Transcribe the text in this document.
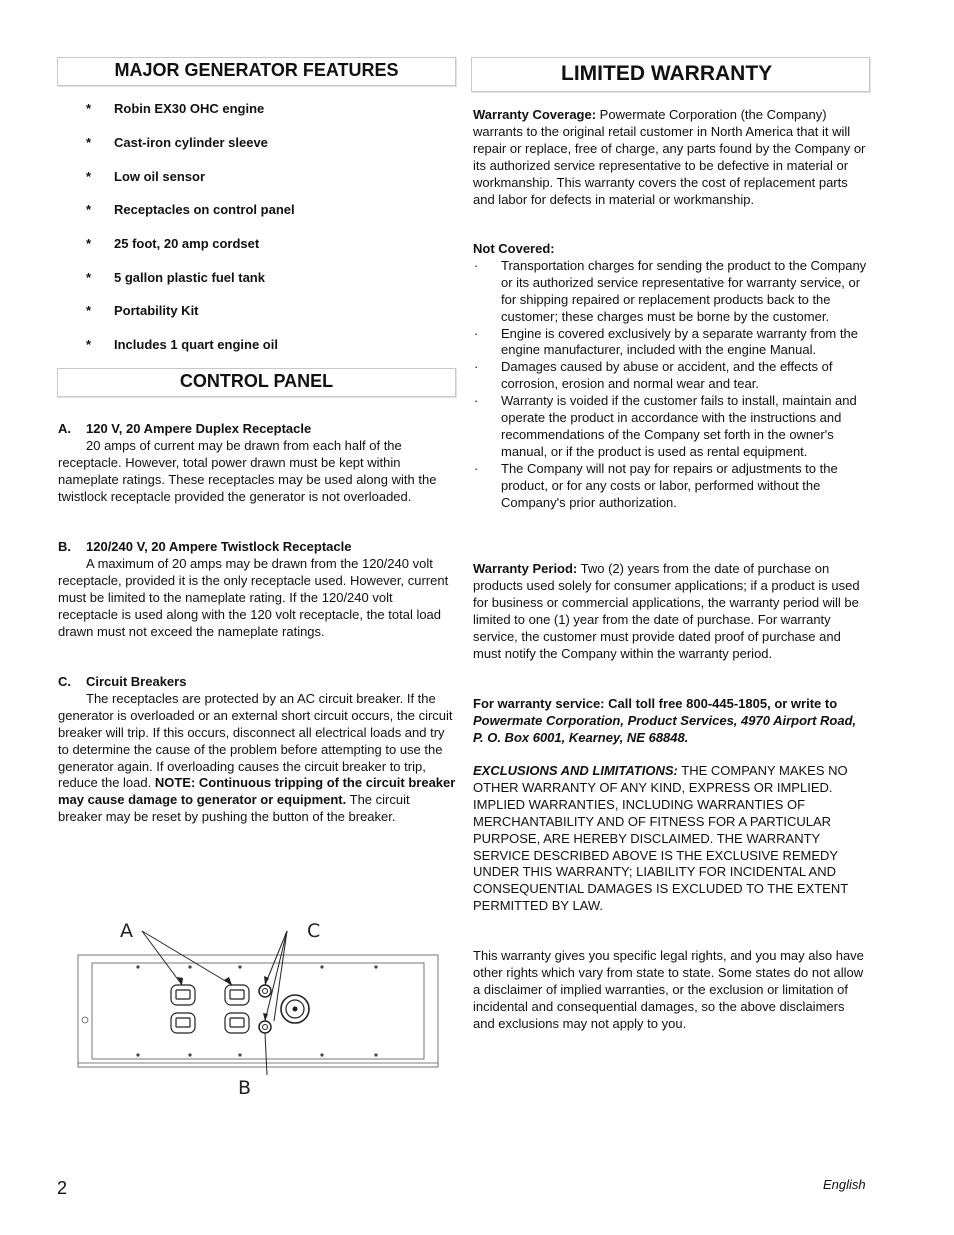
MAJOR GENERATOR FEATURES
* Robin EX30 OHC engine
* Cast-iron cylinder sleeve
* Low oil sensor
* Receptacles on control panel
* 25 foot, 20 amp cordset
* 5 gallon plastic fuel tank
* Portability Kit
* Includes 1 quart engine oil
CONTROL PANEL
A. 120 V, 20 Ampere Duplex Receptacle

20 amps of current may be drawn from each half of the receptacle. However, total power drawn must be kept within nameplate ratings. These receptacles may be used along with the twistlock receptacle provided the generator is not overloaded.

B. 120/240 V, 20 Ampere Twistlock Receptacle

A maximum of 20 amps may be drawn from the 120/240 volt receptacle, provided it is the only receptacle used. However, current must be limited to the nameplate rating. If the 120/240 volt receptacle is used along with the 120 volt receptacle, the total load drawn must not exceed the nameplate ratings.

C. Circuit Breakers

The receptacles are protected by an AC circuit breaker. If the generator is overloaded or an external short circuit occurs, the circuit breaker will trip. If this occurs, disconnect all electrical loads and try to determine the cause of the problem before attempting to use the generator again. If overloading causes the circuit breaker to trip, reduce the load. NOTE: Continuous tripping of the circuit breaker may cause damage to generator or equipment. The circuit breaker may be reset by pushing the button of the breaker.

A	C
B
LIMITED WARRANTY

Warranty Coverage: Powermate Corporation (the Company) warrants to the original retail customer in North America that it will repair or replace, free of charge, any parts found by the Company or its authorized service representative to be defective in material or workmanship. This warranty covers the cost of replacement parts and labor for defects in material or workmanship.

Not Covered:

· Transportation charges for sending the product to the Company or its authorized service representative for warranty service, or for shipping repaired or replacement products back to the customer; these charges must be borne by the customer.
· Engine is covered exclusively by a separate warranty from the engine manufacturer, included with the engine Manual.
· Damages caused by abuse or accident, and the effects of corrosion, erosion and normal wear and tear.
· Warranty is voided if the customer fails to install, maintain and operate the product in accordance with the instructions and recommendations of the Company set forth in the owner's manual, or if the product is used as rental equipment.
· The Company will not pay for repairs or adjustments to the product, or for any costs or labor, performed without the Company's prior authorization.

Warranty Period: Two (2) years from the date of purchase on products used solely for consumer applications; if a product is used for business or commercial applications, the warranty period will be limited to one (1) year from the date of purchase. For warranty service, the customer must provide dated proof of purchase and must notify the Company within the warranty period.

For warranty service: Call toll free 800-445-1805, or write to Powermate Corporation, Product Services, 4970 Airport Road, P. O. Box 6001, Kearney, NE 68848.

EXCLUSIONS AND LIMITATIONS: THE COMPANY MAKES NO OTHER WARRANTY OF ANY KIND, EXPRESS OR IMPLIED. IMPLIED WARRANTIES, INCLUDING WARRANTIES OF MERCHANTABILITY AND OF FITNESS FOR A PARTICULAR PURPOSE, ARE HEREBY DISCLAIMED. THE WARRANTY SERVICE DESCRIBED ABOVE IS THE EXCLUSIVE REMEDY UNDER THIS WARRANTY; LIABILITY FOR INCIDENTAL AND CONSEQUENTIAL DAMAGES IS EXCLUDED TO THE EXTENT PERMITTED BY LAW.

This warranty gives you specific legal rights, and you may also have other rights which vary from state to state. Some states do not allow a disclaimer of implied warranties, or the exclusion or limitation of incidental and consequential damages, so the above disclaimers and exclusions may not apply to you.

2	English
